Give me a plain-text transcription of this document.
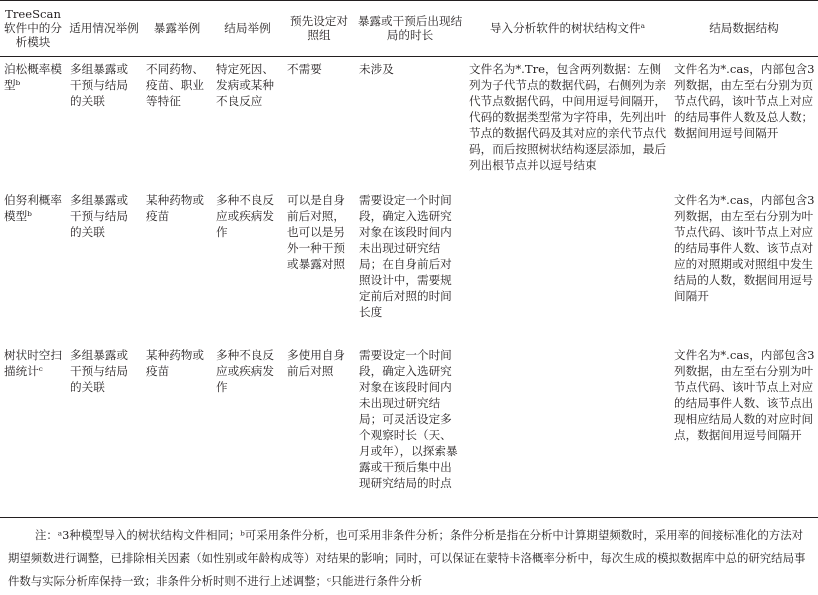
TreeScan软件中的分析模块	适用情况举例	暴露举例	结局举例	预先设定对照组	暴露或干预后出现结局的时长	导入分析软件的树状结构文件ᵃ	结局数据结构
泊松概率模型ᵇ	多组暴露或干预与结局的关联	不同药物、疫苗、职业等特征	特定死因、发病或某种不良反应	不需要	未涉及	文件名为*.Tre，包含两列数据：左侧列为子代节点的数据代码，右侧列为亲代节点数据代码，中间用逗号间隔开，代码的数据类型常为字符串，先列出叶节点的数据代码及其对应的亲代节点代码，而后按照树状结构逐层添加，最后列出根节点并以逗号结束	文件名为*.cas，内部包含3列数据，由左至右分别为页节点代码，该叶节点上对应的结局事件人数及总人数；数据间用逗号间隔开
伯努利概率模型ᵇ	多组暴露或干预与结局的关联	某种药物或疫苗	多种不良反应或疾病发作	可以是自身前后对照，也可以是另外一种干预或暴露对照	需要设定一个时间段，确定入选研究对象在该段时间内未出现过研究结局；在自身前后对照设计中，需要规定前后对照的时间长度		文件名为*.cas，内部包含3列数据，由左至右分别为叶节点代码、该叶节点上对应的结局事件人数、该节点对应的对照期或对照组中发生结局的人数，数据间用逗号间隔开
树状时空扫描统计ᶜ	多组暴露或干预与结局的关联	某种药物或疫苗	多种不良反应或疾病发作	多使用自身前后对照	需要设定一个时间段，确定入选研究对象在该段时间内未出现过研究结局；可灵活设定多个观察时长（天、月或年），以探索暴露或干预后集中出现研究结局的时点		文件名为*.cas，内部包含3列数据，由左至右分别为叶节点代码、该叶节点上对应的结局事件人数、该节点出现相应结局人数的对应时间点，数据间用逗号间隔开
注：ᵃ3种模型导入的树状结构文件相同；ᵇ可采用条件分析，也可采用非条件分析；条件分析是指在分析中计算期望频数时，采用率的间接标准化的方法对期望频数进行调整，已排除相关因素（如性别或年龄构成等）对结果的影响；同时，可以保证在蒙特卡洛概率分析中，每次生成的模拟数据库中总的研究结局事件数与实际分析库保持一致；非条件分析时则不进行上述调整；ᶜ只能进行条件分析
